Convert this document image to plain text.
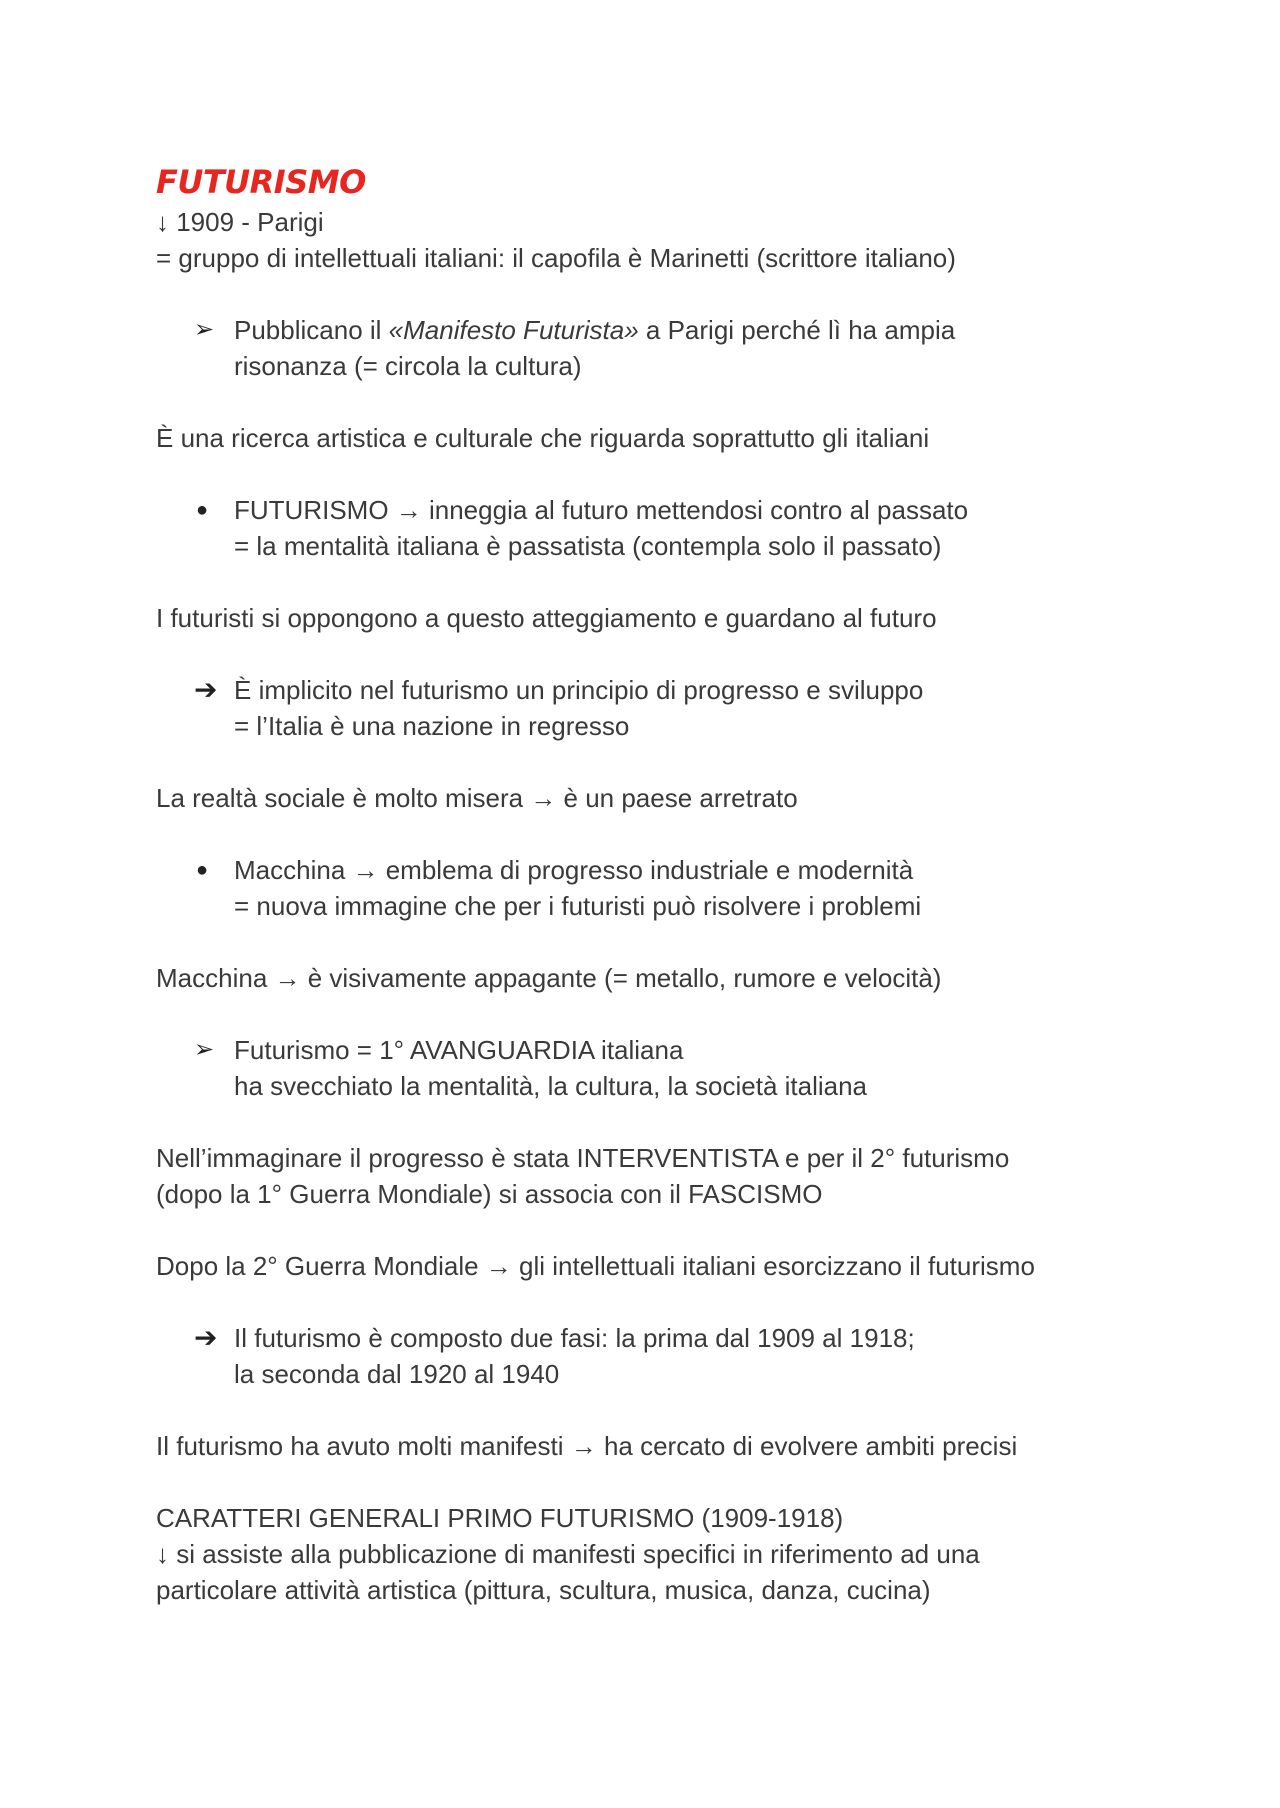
FUTURISMO
↓ 1909 - Parigi
= gruppo di intellettuali italiani: il capofila è Marinetti (scrittore italiano)
➢ Pubblicano il «Manifesto Futurista» a Parigi perché lì ha ampia
risonanza (= circola la cultura)
È una ricerca artistica e culturale che riguarda soprattutto gli italiani
● FUTURISMO → inneggia al futuro mettendosi contro al passato
= la mentalità italiana è passatista (contempla solo il passato)
I futuristi si oppongono a questo atteggiamento e guardano al futuro
➔ È implicito nel futurismo un principio di progresso e sviluppo
= l’Italia è una nazione in regresso
La realtà sociale è molto misera → è un paese arretrato
● Macchina → emblema di progresso industriale e modernità
= nuova immagine che per i futuristi può risolvere i problemi
Macchina → è visivamente appagante (= metallo, rumore e velocità)
➢ Futurismo = 1° AVANGUARDIA italiana
ha svecchiato la mentalità, la cultura, la società italiana
Nell’immaginare il progresso è stata INTERVENTISTA e per il 2° futurismo
(dopo la 1° Guerra Mondiale) si associa con il FASCISMO
Dopo la 2° Guerra Mondiale → gli intellettuali italiani esorcizzano il futurismo
➔ Il futurismo è composto due fasi: la prima dal 1909 al 1918;
la seconda dal 1920 al 1940
Il futurismo ha avuto molti manifesti → ha cercato di evolvere ambiti precisi
CARATTERI GENERALI PRIMO FUTURISMO (1909-1918)
↓ si assiste alla pubblicazione di manifesti specifici in riferimento ad una
particolare attività artistica (pittura, scultura, musica, danza, cucina)
